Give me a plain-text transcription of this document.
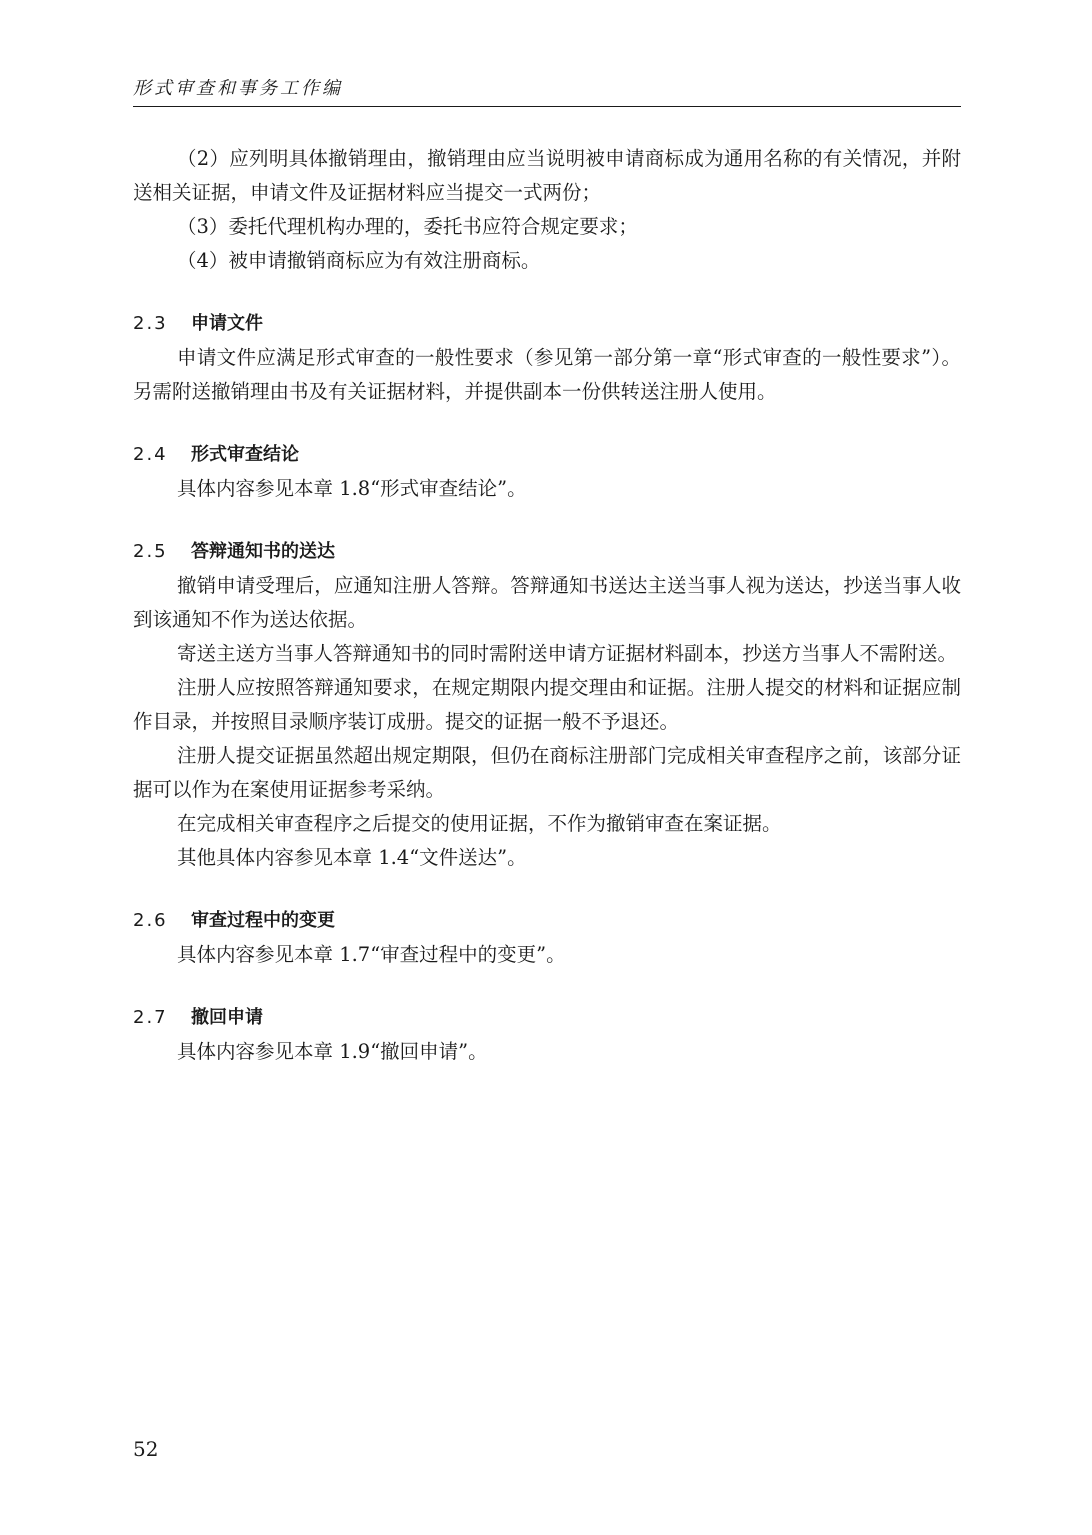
形式审查和事务工作编

（2）应列明具体撤销理由，撤销理由应当说明被申请商标成为通用名称的有关情况，并附送相关证据，申请文件及证据材料应当提交一式两份；

（3）委托代理机构办理的，委托书应符合规定要求；

（4）被申请撤销商标应为有效注册商标。

2.3 申请文件

申请文件应满足形式审查的一般性要求（参见第一部分第一章“形式审查的一般性要求”）。另需附送撤销理由书及有关证据材料，并提供副本一份供转送注册人使用。

2.4 形式审查结论

具体内容参见本章 1.8“形式审查结论”。

2.5 答辩通知书的送达

撤销申请受理后，应通知注册人答辩。答辩通知书送达主送当事人视为送达，抄送当事人收到该通知不作为送达依据。

寄送主送方当事人答辩通知书的同时需附送申请方证据材料副本，抄送方当事人不需附送。

注册人应按照答辩通知要求，在规定期限内提交理由和证据。注册人提交的材料和证据应制作目录，并按照目录顺序装订成册。提交的证据一般不予退还。

注册人提交证据虽然超出规定期限，但仍在商标注册部门完成相关审查程序之前，该部分证据可以作为在案使用证据参考采纳。

在完成相关审查程序之后提交的使用证据，不作为撤销审查在案证据。

其他具体内容参见本章 1.4“文件送达”。

2.6 审查过程中的变更

具体内容参见本章 1.7“审查过程中的变更”。

2.7 撤回申请

具体内容参见本章 1.9“撤回申请”。

52
